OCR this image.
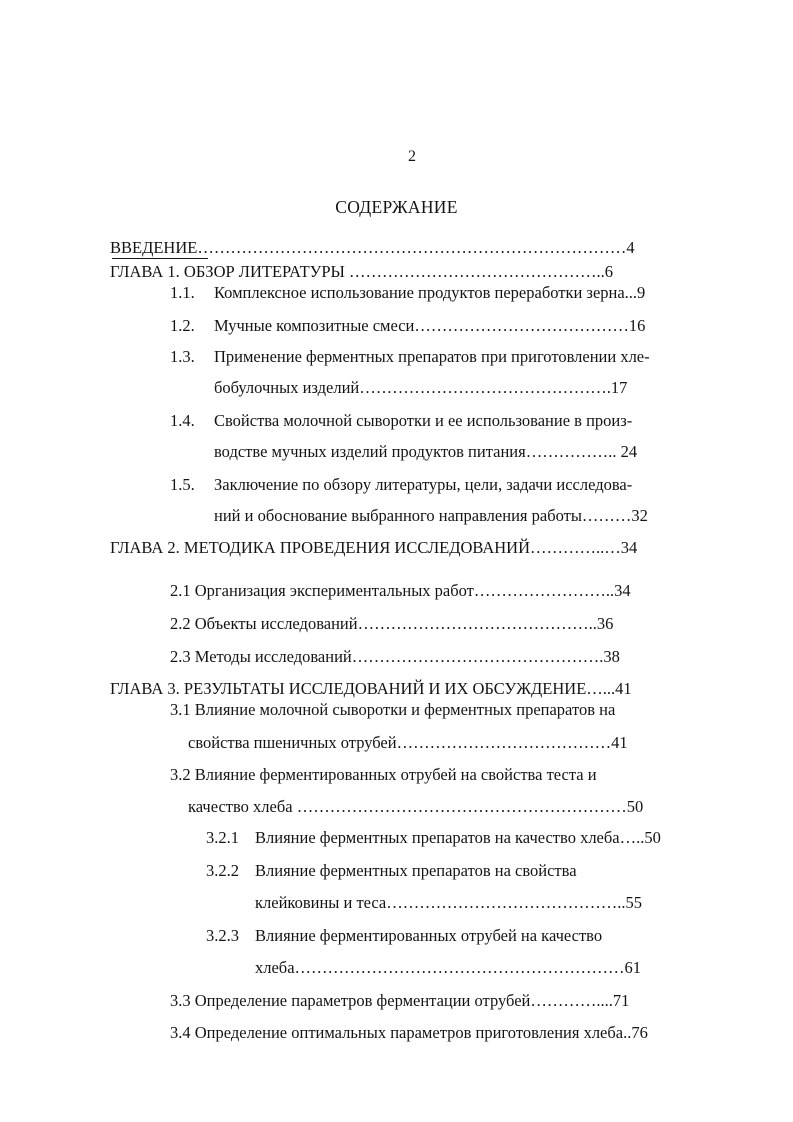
2
СОДЕРЖАНИЕ
ВВЕДЕНИЕ……………………………………………………………………4
ГЛАВА 1. ОБЗОР ЛИТЕРАТУРЫ ………………………………………..6
1.1. Комплексное использование продуктов переработки зерна...9
1.2. Мучные композитные смеси…………………………………16
1.3. Применение ферментных препаратов при приготовлении хле-
бобулочных изделий……………………………………….17
1.4. Свойства молочной сыворотки и ее использование в произ-
водстве мучных изделий продуктов питания…………….. 24
1.5. Заключение по обзору литературы, цели, задачи исследова-
ний и обоснование выбранного направления работы………32
ГЛАВА 2. МЕТОДИКА ПРОВЕДЕНИЯ ИССЛЕДОВАНИЙ…………..…34
2.1 Организация экспериментальных работ……………………..34
2.2 Объекты исследований……………………………………..36
2.3 Методы исследований……………………………………….38
ГЛАВА 3. РЕЗУЛЬТАТЫ ИССЛЕДОВАНИЙ И ИХ ОБСУЖДЕНИЕ…...41
3.1 Влияние молочной сыворотки и ферментных препаратов на
свойства пшеничных отрубей…………………………………41
3.2 Влияние ферментированных отрубей на свойства теста и
качество хлеба ……………………………………………………50
3.2.1 Влияние ферментных препаратов на качество хлеба…..50
3.2.2 Влияние ферментных препаратов на свойства
клейковины и теса……………………………………..55
3.2.3 Влияние ферментированных отрубей на качество
хлеба……………………………………………………61
3.3 Определение параметров ферментации отрубей…………....71
3.4 Определение оптимальных параметров приготовления хлеба..76
